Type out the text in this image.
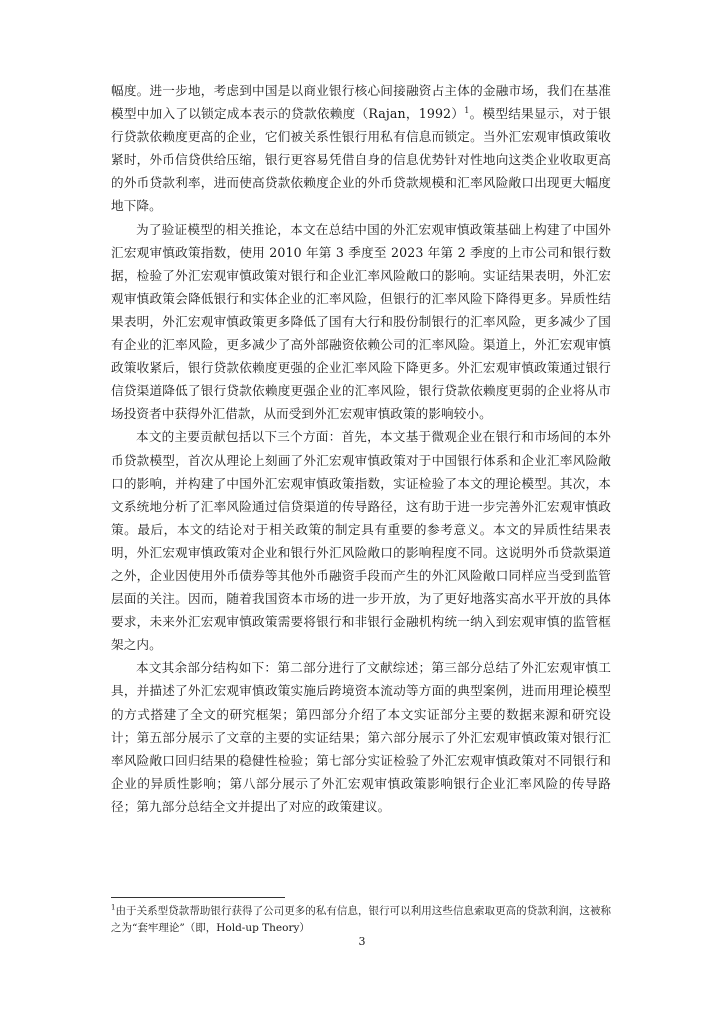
幅度。进一步地，考虑到中国是以商业银行核心间接融资占主体的金融市场，我们在基准模型中加入了以锁定成本表示的贷款依赖度（Rajan，1992）$^1$。模型结果显示，对于银行贷款依赖度更高的企业，它们被关系性银行用私有信息而锁定。当外汇宏观审慎政策收紧时，外币信贷供给压缩，银行更容易凭借自身的信息优势针对性地向这类企业收取更高的外币贷款利率，进而使高贷款依赖度企业的外币贷款规模和汇率风险敞口出现更大幅度地下降。

为了验证模型的相关推论，本文在总结中国的外汇宏观审慎政策基础上构建了中国外汇宏观审慎政策指数，使用 2010 年第 3 季度至 2023 年第 2 季度的上市公司和银行数据，检验了外汇宏观审慎政策对银行和企业汇率风险敞口的影响。实证结果表明，外汇宏观审慎政策会降低银行和实体企业的汇率风险，但银行的汇率风险下降得更多。异质性结果表明，外汇宏观审慎政策更多降低了国有大行和股份制银行的汇率风险，更多减少了国有企业的汇率风险，更多减少了高外部融资依赖公司的汇率风险。渠道上，外汇宏观审慎政策收紧后，银行贷款依赖度更强的企业汇率风险下降更多。外汇宏观审慎政策通过银行信贷渠道降低了银行贷款依赖度更强企业的汇率风险，银行贷款依赖度更弱的企业将从市场投资者中获得外汇借款，从而受到外汇宏观审慎政策的影响较小。

本文的主要贡献包括以下三个方面：首先，本文基于微观企业在银行和市场间的本外币贷款模型，首次从理论上刻画了外汇宏观审慎政策对于中国银行体系和企业汇率风险敞口的影响，并构建了中国外汇宏观审慎政策指数，实证检验了本文的理论模型。其次，本文系统地分析了汇率风险通过信贷渠道的传导路径，这有助于进一步完善外汇宏观审慎政策。最后，本文的结论对于相关政策的制定具有重要的参考意义。本文的异质性结果表明，外汇宏观审慎政策对企业和银行外汇风险敞口的影响程度不同。这说明外币贷款渠道之外，企业因使用外币债券等其他外币融资手段而产生的外汇风险敞口同样应当受到监管层面的关注。因而，随着我国资本市场的进一步开放，为了更好地落实高水平开放的具体要求，未来外汇宏观审慎政策需要将银行和非银行金融机构统一纳入到宏观审慎的监管框架之内。

本文其余部分结构如下：第二部分进行了文献综述；第三部分总结了外汇宏观审慎工具，并描述了外汇宏观审慎政策实施后跨境资本流动等方面的典型案例，进而用理论模型的方式搭建了全文的研究框架；第四部分介绍了本文实证部分主要的数据来源和研究设计；第五部分展示了文章的主要的实证结果；第六部分展示了外汇宏观审慎政策对银行汇率风险敞口回归结果的稳健性检验；第七部分实证检验了外汇宏观审慎政策对不同银行和企业的异质性影响；第八部分展示了外汇宏观审慎政策影响银行企业汇率风险的传导路径；第九部分总结全文并提出了对应的政策建议。

$^1$由于关系型贷款帮助银行获得了公司更多的私有信息，银行可以利用这些信息索取更高的贷款利润，这被称之为“套牢理论”（即，Hold-up Theory）
3
